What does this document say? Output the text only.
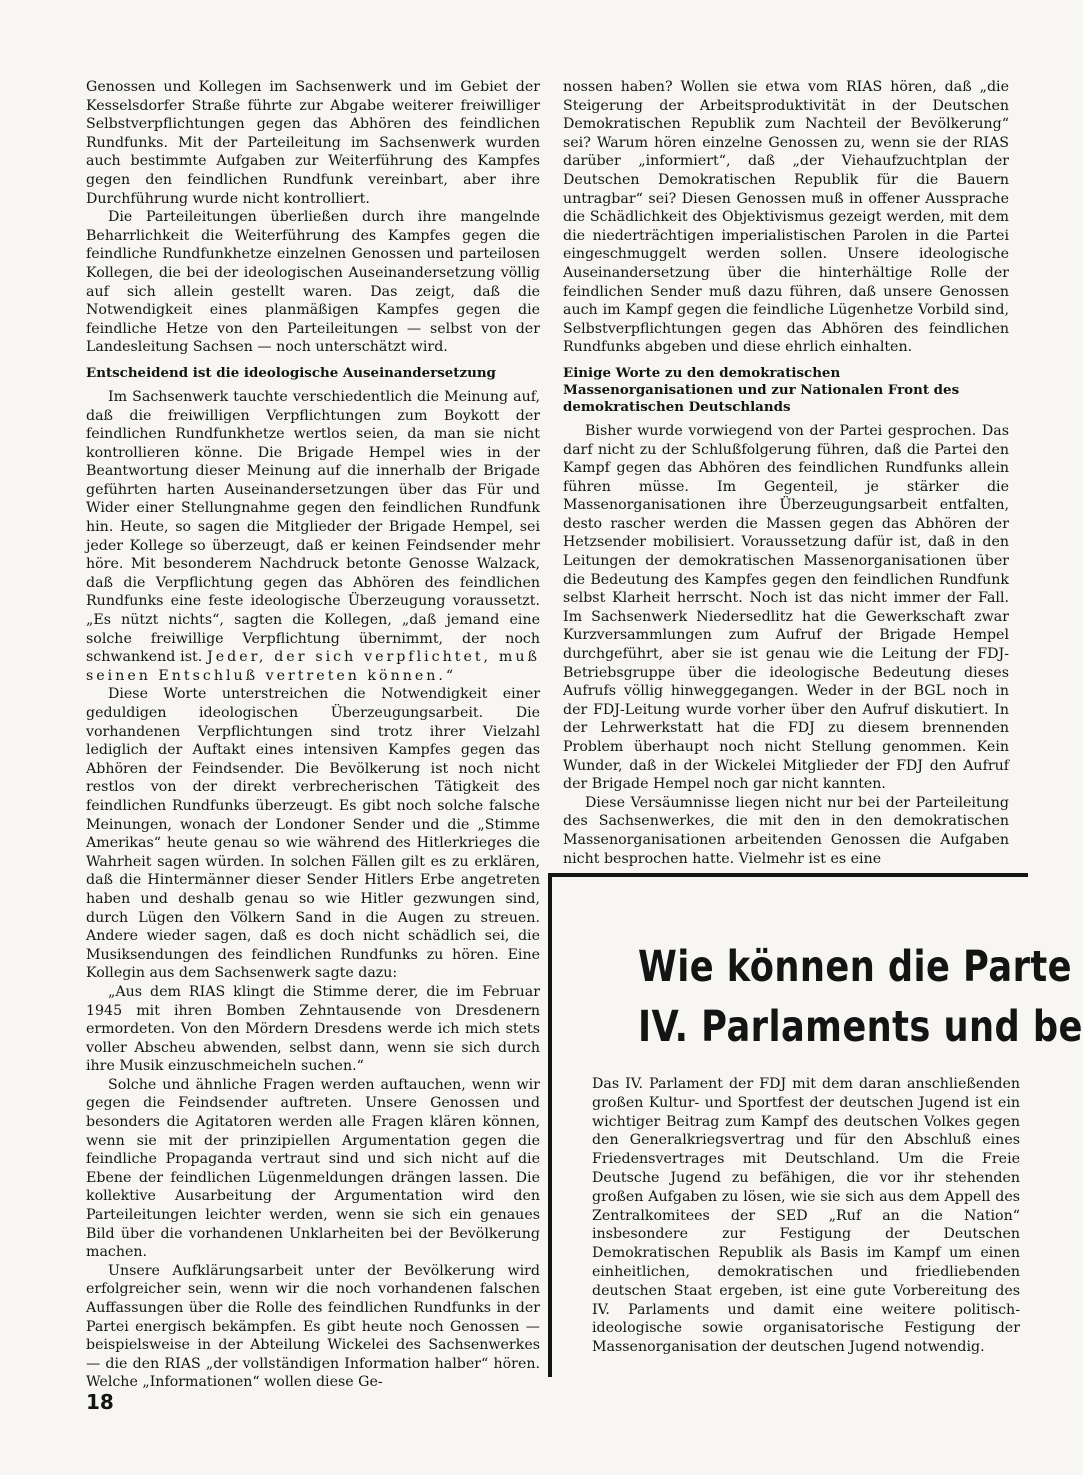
Genossen und Kollegen im Sachsenwerk und im Gebiet der Kesselsdorfer Straße führte zur Abgabe weiterer freiwilliger Selbstverpflichtungen gegen das Abhören des feindlichen Rundfunks. Mit der Parteileitung im Sachsenwerk wurden auch bestimmte Aufgaben zur Weiterführung des Kampfes gegen den feindlichen Rundfunk vereinbart, aber ihre Durchführung wurde nicht kontrolliert.

Die Parteileitungen überließen durch ihre mangelnde Beharrlichkeit die Weiterführung des Kampfes gegen die feindliche Rundfunkhetze einzelnen Genossen und parteilosen Kollegen, die bei der ideologischen Auseinandersetzung völlig auf sich allein gestellt waren. Das zeigt, daß die Notwendigkeit eines planmäßigen Kampfes gegen die feindliche Hetze von den Parteileitungen — selbst von der Landesleitung Sachsen — noch unterschätzt wird.

Entscheidend ist die ideologische Auseinandersetzung

Im Sachsenwerk tauchte verschiedentlich die Meinung auf, daß die freiwilligen Verpflichtungen zum Boykott der feindlichen Rundfunkhetze wertlos seien, da man sie nicht kontrollieren könne. Die Brigade Hempel wies in der Beantwortung dieser Meinung auf die innerhalb der Brigade geführten harten Auseinandersetzungen über das Für und Wider einer Stellungnahme gegen den feindlichen Rundfunk hin. Heute, so sagen die Mitglieder der Brigade Hempel, sei jeder Kollege so überzeugt, daß er keinen Feindsender mehr höre. Mit besonderem Nachdruck betonte Genosse Walzack, daß die Verpflichtung gegen das Abhören des feindlichen Rundfunks eine feste ideologische Überzeugung voraussetzt. „Es nützt nichts“, sagten die Kollegen, „daß jemand eine solche freiwillige Verpflichtung übernimmt, der noch schwankend ist. Jeder, der sich verpflichtet, muß seinen Entschluß vertreten können.“

Diese Worte unterstreichen die Notwendigkeit einer geduldigen ideologischen Überzeugungsarbeit. Die vorhandenen Verpflichtungen sind trotz ihrer Vielzahl lediglich der Auftakt eines intensiven Kampfes gegen das Abhören der Feindsender. Die Bevölkerung ist noch nicht restlos von der direkt verbrecherischen Tätigkeit des feindlichen Rundfunks überzeugt. Es gibt noch solche falsche Meinungen, wonach der Londoner Sender und die „Stimme Amerikas“ heute genau so wie während des Hitlerkrieges die Wahrheit sagen würden. In solchen Fällen gilt es zu erklären, daß die Hintermänner dieser Sender Hitlers Erbe angetreten haben und deshalb genau so wie Hitler gezwungen sind, durch Lügen den Völkern Sand in die Augen zu streuen. Andere wieder sagen, daß es doch nicht schädlich sei, die Musiksendungen des feindlichen Rundfunks zu hören. Eine Kollegin aus dem Sachsenwerk sagte dazu:

„Aus dem RIAS klingt die Stimme derer, die im Februar 1945 mit ihren Bomben Zehntausende von Dresdenern ermordeten. Von den Mördern Dresdens werde ich mich stets voller Abscheu abwenden, selbst dann, wenn sie sich durch ihre Musik einzuschmeicheln suchen.“

Solche und ähnliche Fragen werden auftauchen, wenn wir gegen die Feindsender auftreten. Unsere Genossen und besonders die Agitatoren werden alle Fragen klären können, wenn sie mit der prinzipiellen Argumentation gegen die feindliche Propaganda vertraut sind und sich nicht auf die Ebene der feindlichen Lügenmeldungen drängen lassen. Die kollektive Ausarbeitung der Argumentation wird den Parteileitungen leichter werden, wenn sie sich ein genaues Bild über die vorhandenen Unklarheiten bei der Bevölkerung machen.

Unsere Aufklärungsarbeit unter der Bevölkerung wird erfolgreicher sein, wenn wir die noch vorhandenen falschen Auffassungen über die Rolle des feindlichen Rundfunks in der Partei energisch bekämpfen. Es gibt heute noch Genossen — beispielsweise in der Abteilung Wickelei des Sachsenwerkes — die den RIAS „der vollständigen Information halber“ hören. Welche „Informationen“ wollen diese Ge-

nossen haben? Wollen sie etwa vom RIAS hören, daß „die Steigerung der Arbeitsproduktivität in der Deutschen Demokratischen Republik zum Nachteil der Bevölkerung“ sei? Warum hören einzelne Genossen zu, wenn sie der RIAS darüber „informiert“, daß „der Viehaufzuchtplan der Deutschen Demokratischen Republik für die Bauern untragbar“ sei? Diesen Genossen muß in offener Aussprache die Schädlichkeit des Objektivismus gezeigt werden, mit dem die niederträchtigen imperialistischen Parolen in die Partei eingeschmuggelt werden sollen. Unsere ideologische Auseinandersetzung über die hinterhältige Rolle der feindlichen Sender muß dazu führen, daß unsere Genossen auch im Kampf gegen die feindliche Lügenhetze Vorbild sind, Selbstverpflichtungen gegen das Abhören des feindlichen Rundfunks abgeben und diese ehrlich einhalten.

Einige Worte zu den demokratischen Massenorganisationen und zur Nationalen Front des demokratischen Deutschlands

Bisher wurde vorwiegend von der Partei gesprochen. Das darf nicht zu der Schlußfolgerung führen, daß die Partei den Kampf gegen das Abhören des feindlichen Rundfunks allein führen müsse. Im Gegenteil, je stärker die Massenorganisationen ihre Überzeugungsarbeit entfalten, desto rascher werden die Massen gegen das Abhören der Hetzsender mobilisiert. Voraussetzung dafür ist, daß in den Leitungen der demokratischen Massenorganisationen über die Bedeutung des Kampfes gegen den feindlichen Rundfunk selbst Klarheit herrscht. Noch ist das nicht immer der Fall. Im Sachsenwerk Niedersedlitz hat die Gewerkschaft zwar Kurzversammlungen zum Aufruf der Brigade Hempel durchgeführt, aber sie ist genau wie die Leitung der FDJ-Betriebsgruppe über die ideologische Bedeutung dieses Aufrufs völlig hinweggegangen. Weder in der BGL noch in der FDJ-Leitung wurde vorher über den Aufruf diskutiert. In der Lehrwerkstatt hat die FDJ zu diesem brennenden Problem überhaupt noch nicht Stellung genommen. Kein Wunder, daß in der Wickelei Mitglieder der FDJ den Aufruf der Brigade Hempel noch gar nicht kannten.

Diese Versäumnisse liegen nicht nur bei der Parteileitung des Sachsenwerkes, die mit den in den demokratischen Massenorganisationen arbeitenden Genossen die Aufgaben nicht besprochen hatte. Vielmehr ist es eine

Wie können die Parte
IV. Parlaments und be

Das IV. Parlament der FDJ mit dem daran anschließenden großen Kultur- und Sportfest der deutschen Jugend ist ein wichtiger Beitrag zum Kampf des deutschen Volkes gegen den Generalkriegsvertrag und für den Abschluß eines Friedensvertrages mit Deutschland. Um die Freie Deutsche Jugend zu befähigen, die vor ihr stehenden großen Aufgaben zu lösen, wie sie sich aus dem Appell des Zentralkomitees der SED „Ruf an die Nation“ insbesondere zur Festigung der Deutschen Demokratischen Republik als Basis im Kampf um einen einheitlichen, demokratischen und friedliebenden deutschen Staat ergeben, ist eine gute Vorbereitung des IV. Parlaments und damit eine weitere politisch-ideologische sowie organisatorische Festigung der Massenorganisation der deutschen Jugend notwendig.

18
